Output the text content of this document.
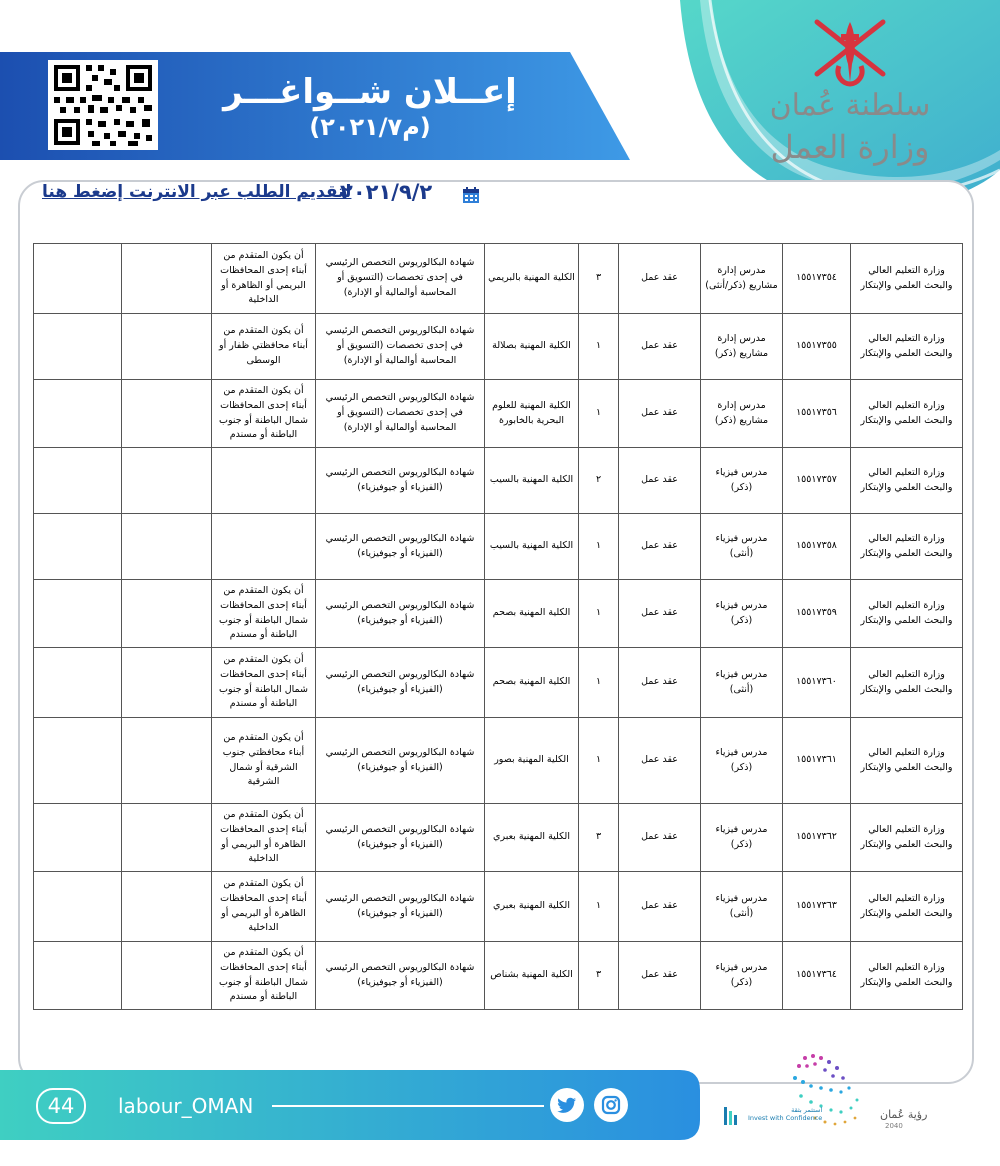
إعــلان شــواغـــر
(۲۰۲۱/۷م)
سلطنة عُمان
وزارة العمل
لتقديم الطلب عبر الانترنت إضغط هنا
۲۰۲۱/۹/۲
وزارة التعليم العالي والبحث العلمي والإبتكار	١٥٥١٧٣٥٤	مدرس إدارة مشاريع (ذكر/أنثى)	عقد عمل	٣	الكلية المهنية بالبريمي	شهادة البكالوريوس التخصص الرئيسي في إحدى تخصصات (التسويق أو المحاسبة أوالمالية أو الإدارة)	أن يكون المتقدم من أبناء إحدى المحافظات البريمي أو الظاهرة أو الداخلية		
وزارة التعليم العالي والبحث العلمي والإبتكار	١٥٥١٧٣٥٥	مدرس إدارة مشاريع (ذكر)	عقد عمل	١	الكلية المهنية بصلالة	شهادة البكالوريوس التخصص الرئيسي في إحدى تخصصات (التسويق أو المحاسبة أوالمالية أو الإدارة)	أن يكون المتقدم من أبناء محافظتي ظفار أو الوسطى		
وزارة التعليم العالي والبحث العلمي والإبتكار	١٥٥١٧٣٥٦	مدرس إدارة مشاريع (ذكر)	عقد عمل	١	الكلية المهنية للعلوم البحرية بالخابورة	شهادة البكالوريوس التخصص الرئيسي في إحدى تخصصات (التسويق أو المحاسبة أوالمالية أو الإدارة)	أن يكون المتقدم من أبناء إحدى المحافظات شمال الباطنة أو جنوب الباطنة أو مسندم		
وزارة التعليم العالي والبحث العلمي والإبتكار	١٥٥١٧٣٥٧	مدرس فيزياء (ذكر)	عقد عمل	٢	الكلية المهنية بالسيب	شهادة البكالوريوس التخصص الرئيسي (الفيزياء أو جيوفيزياء)			
وزارة التعليم العالي والبحث العلمي والإبتكار	١٥٥١٧٣٥٨	مدرس فيزياء (أنثى)	عقد عمل	١	الكلية المهنية بالسيب	شهادة البكالوريوس التخصص الرئيسي (الفيزياء أو جيوفيزياء)			
وزارة التعليم العالي والبحث العلمي والإبتكار	١٥٥١٧٣٥٩	مدرس فيزياء (ذكر)	عقد عمل	١	الكلية المهنية بصحم	شهادة البكالوريوس التخصص الرئيسي (الفيزياء أو جيوفيزياء)	أن يكون المتقدم من أبناء إحدى المحافظات شمال الباطنة أو جنوب الباطنة أو مسندم		
وزارة التعليم العالي والبحث العلمي والإبتكار	١٥٥١٧٣٦٠	مدرس فيزياء (أنثى)	عقد عمل	١	الكلية المهنية بصحم	شهادة البكالوريوس التخصص الرئيسي (الفيزياء أو جيوفيزياء)	أن يكون المتقدم من أبناء إحدى المحافظات شمال الباطنة أو جنوب الباطنة أو مسندم		
وزارة التعليم العالي والبحث العلمي والإبتكار	١٥٥١٧٣٦١	مدرس فيزياء (ذكر)	عقد عمل	١	الكلية المهنية بصور	شهادة البكالوريوس التخصص الرئيسي (الفيزياء أو جيوفيزياء)	أن يكون المتقدم من أبناء محافظتي جنوب الشرقية أو شمال الشرقية		
وزارة التعليم العالي والبحث العلمي والإبتكار	١٥٥١٧٣٦٢	مدرس فيزياء (ذكر)	عقد عمل	٣	الكلية المهنية بعبري	شهادة البكالوريوس التخصص الرئيسي (الفيزياء أو جيوفيزياء)	أن يكون المتقدم من أبناء إحدى المحافظات الظاهرة أو البريمي أو الداخلية		
وزارة التعليم العالي والبحث العلمي والإبتكار	١٥٥١٧٣٦٣	مدرس فيزياء (أنثى)	عقد عمل	١	الكلية المهنية بعبري	شهادة البكالوريوس التخصص الرئيسي (الفيزياء أو جيوفيزياء)	أن يكون المتقدم من أبناء إحدى المحافظات الظاهرة أو البريمي أو الداخلية		
وزارة التعليم العالي والبحث العلمي والإبتكار	١٥٥١٧٣٦٤	مدرس فيزياء (ذكر)	عقد عمل	٣	الكلية المهنية بشناص	شهادة البكالوريوس التخصص الرئيسي (الفيزياء أو جيوفيزياء)	أن يكون المتقدم من أبناء إحدى المحافظات شمال الباطنة أو جنوب الباطنة أو مسندم		
44	labour_OMAN	رؤية عُمان
2040
استثمر بثقة
Invest with Confidence
